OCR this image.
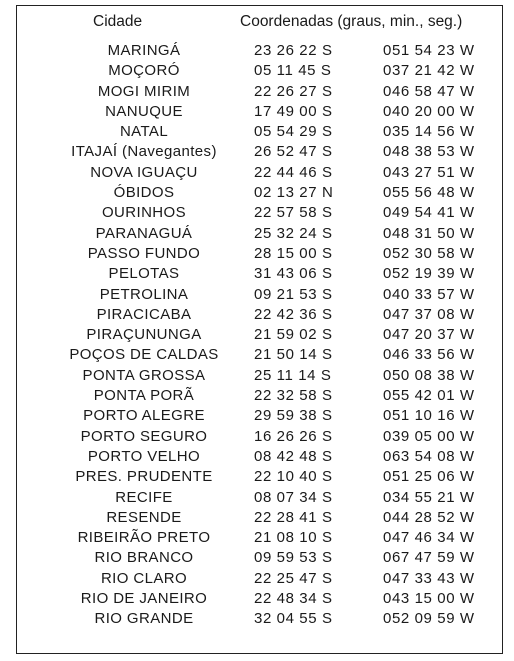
Cidade	Coordenadas (graus, min., seg.)
MARINGÁ	23 26 22 S	051 54 23 W
MOÇORÓ	05 11 45 S	037 21 42 W
MOGI MIRIM	22 26 27 S	046 58 47 W
NANUQUE	17 49 00 S	040 20 00 W
NATAL	05 54 29 S	035 14 56 W
ITAJAÍ (Navegantes)	26 52 47 S	048 38 53 W
NOVA IGUAÇU	22 44 46 S	043 27 51 W
ÓBIDOS	02 13 27 N	055 56 48 W
OURINHOS	22 57 58 S	049 54 41 W
PARANAGUÁ	25 32 24 S	048 31 50 W
PASSO FUNDO	28 15 00 S	052 30 58 W
PELOTAS	31 43 06 S	052 19 39 W
PETROLINA	09 21 53 S	040 33 57 W
PIRACICABA	22 42 36 S	047 37 08 W
PIRAÇUNUNGA	21 59 02 S	047 20 37 W
POÇOS DE CALDAS	21 50 14 S	046 33 56 W
PONTA GROSSA	25 11 14 S	050 08 38 W
PONTA PORÃ	22 32 58 S	055 42 01 W
PORTO ALEGRE	29 59 38 S	051 10 16 W
PORTO SEGURO	16 26 26 S	039 05 00 W
PORTO VELHO	08 42 48 S	063 54 08 W
PRES. PRUDENTE	22 10 40 S	051 25 06 W
RECIFE	08 07 34 S	034 55 21 W
RESENDE	22 28 41 S	044 28 52 W
RIBEIRÃO PRETO	21 08 10 S	047 46 34 W
RIO BRANCO	09 59 53 S	067 47 59 W
RIO CLARO	22 25 47 S	047 33 43 W
RIO DE JANEIRO	22 48 34 S	043 15 00 W
RIO GRANDE	32 04 55 S	052 09 59 W
